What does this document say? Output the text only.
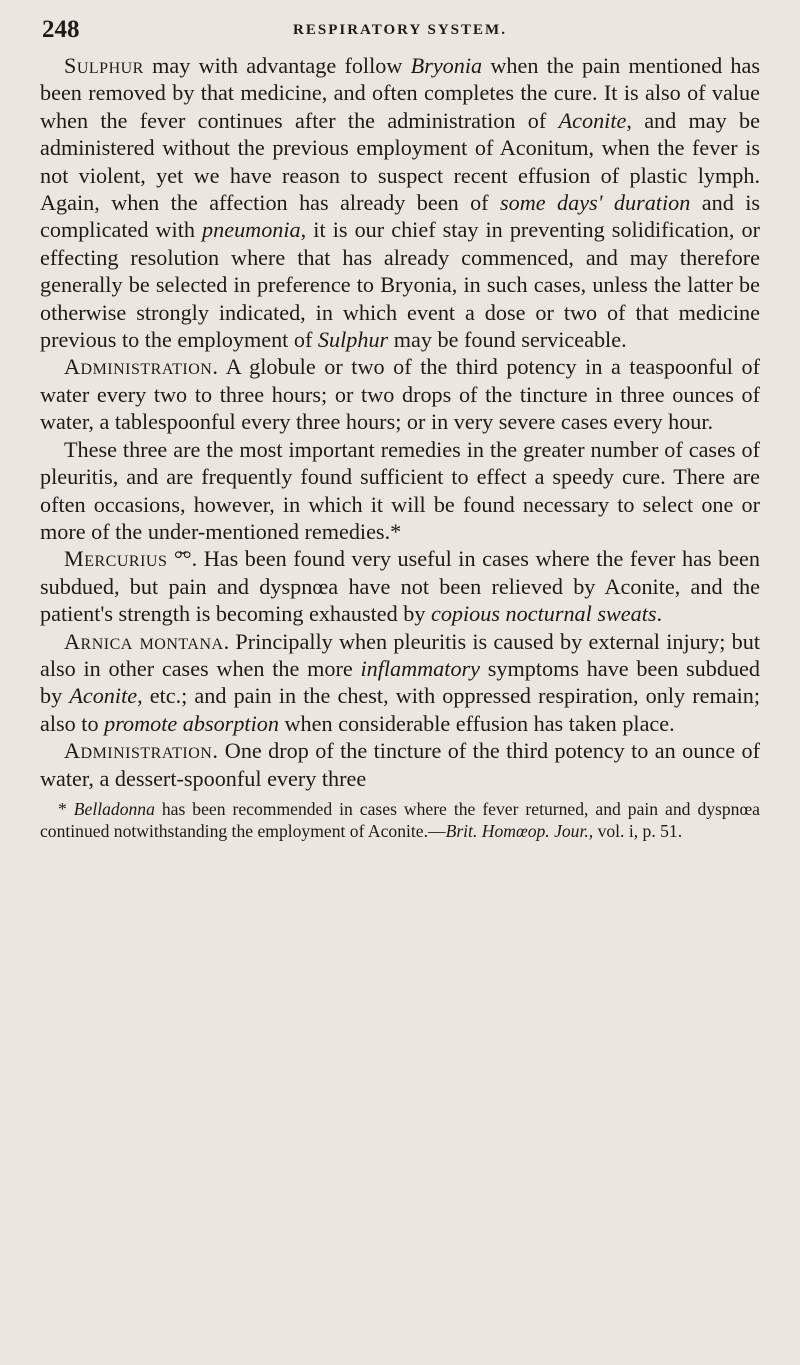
248	RESPIRATORY SYSTEM.

Sulphur may with advantage follow Bryonia when the pain mentioned has been removed by that medicine, and often completes the cure. It is also of value when the fever continues after the administration of Aconite, and may be administered without the previous employment of Aconitum, when the fever is not violent, yet we have reason to suspect recent effusion of plastic lymph. Again, when the affection has already been of some days' duration and is complicated with pneumonia, it is our chief stay in preventing solidification, or effecting resolution where that has already commenced, and may therefore generally be selected in preference to Bryonia, in such cases, unless the latter be otherwise strongly indicated, in which event a dose or two of that medicine previous to the employment of Sulphur may be found serviceable.

Administration. A globule or two of the third potency in a teaspoonful of water every two to three hours; or two drops of the tincture in three ounces of water, a tablespoonful every three hours; or in very severe cases every hour.

These three are the most important remedies in the greater number of cases of pleuritis, and are frequently found sufficient to effect a speedy cure. There are often occasions, however, in which it will be found necessary to select one or more of the under-mentioned remedies.*

Mercurius °̆°. Has been found very useful in cases where the fever has been subdued, but pain and dyspnœa have not been relieved by Aconite, and the patient's strength is becoming exhausted by copious nocturnal sweats.

Arnica montana. Principally when pleuritis is caused by external injury; but also in other cases when the more inflammatory symptoms have been subdued by Aconite, etc.; and pain in the chest, with oppressed respiration, only remain; also to promote absorption when considerable effusion has taken place.

Administration. One drop of the tincture of the third potency to an ounce of water, a dessert-spoonful every three

* Belladonna has been recommended in cases where the fever returned, and pain and dyspnœa continued notwithstanding the employment of Aconite.—Brit. Homœop. Jour., vol. i, p. 51.
